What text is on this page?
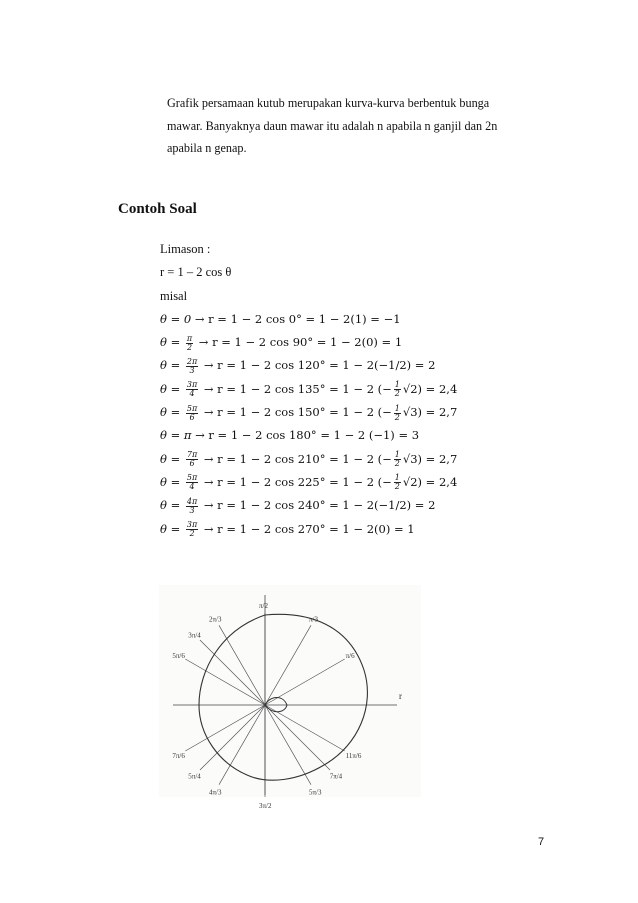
Grafik persamaan kutub merupakan kurva-kurva berbentuk bunga

mawar. Banyaknya daun mawar itu adalah n apabila n ganjil dan 2n

apabila n genap.

Contoh Soal
Limason :
r = 1 – 2 cos θ
misal
θ = 0 → r = 1 − 2 cos 0° = 1 − 2(1) = −1
$\theta = \frac{\pi}{2} \to r = 1 - 2$ cos 90° = 1 − 2(0) = 1
$\theta = \frac{2\pi}{3} \to r = 1 - 2$ cos 120° = 1 − 2(−1/2) = 2
$\theta = \frac{3\pi}{4} \to r = 1 - 2$ cos 135° = 1 − 2 (− $\frac{1}{2} √2) = 2,4$
$\theta = \frac{5\pi}{6} \to r = 1 - 2$ cos 150° = 1 − 2 (− $\frac{1}{2} √3) = 2,7$
θ = π → r = 1 − 2 cos 180° = 1 − 2 (−1) = 3
$\theta = \frac{7\pi}{6} \to r = 1 - 2$ cos 210° = 1 − 2 (− $\frac{1}{2} √3) = 2,7$
$\theta = \frac{5\pi}{4} \to r = 1 - 2$ cos 225° = 1 − 2 (− $\frac{1}{2} √2) = 2,4$
$\theta = \frac{4\pi}{3} \to r = 1 - 2$ cos 240° = 1 − 2(−1/2) = 2
$\theta = \frac{3\pi}{2} \to r = 1 - 2$ cos 270° = 1 − 2(0) = 1
r
π/3
π/6
11π/6
7π/4
5π/3
3π/2
4π/3
5π/4
7π/6
5π/6
3π/4
2π/3
π/2
7
